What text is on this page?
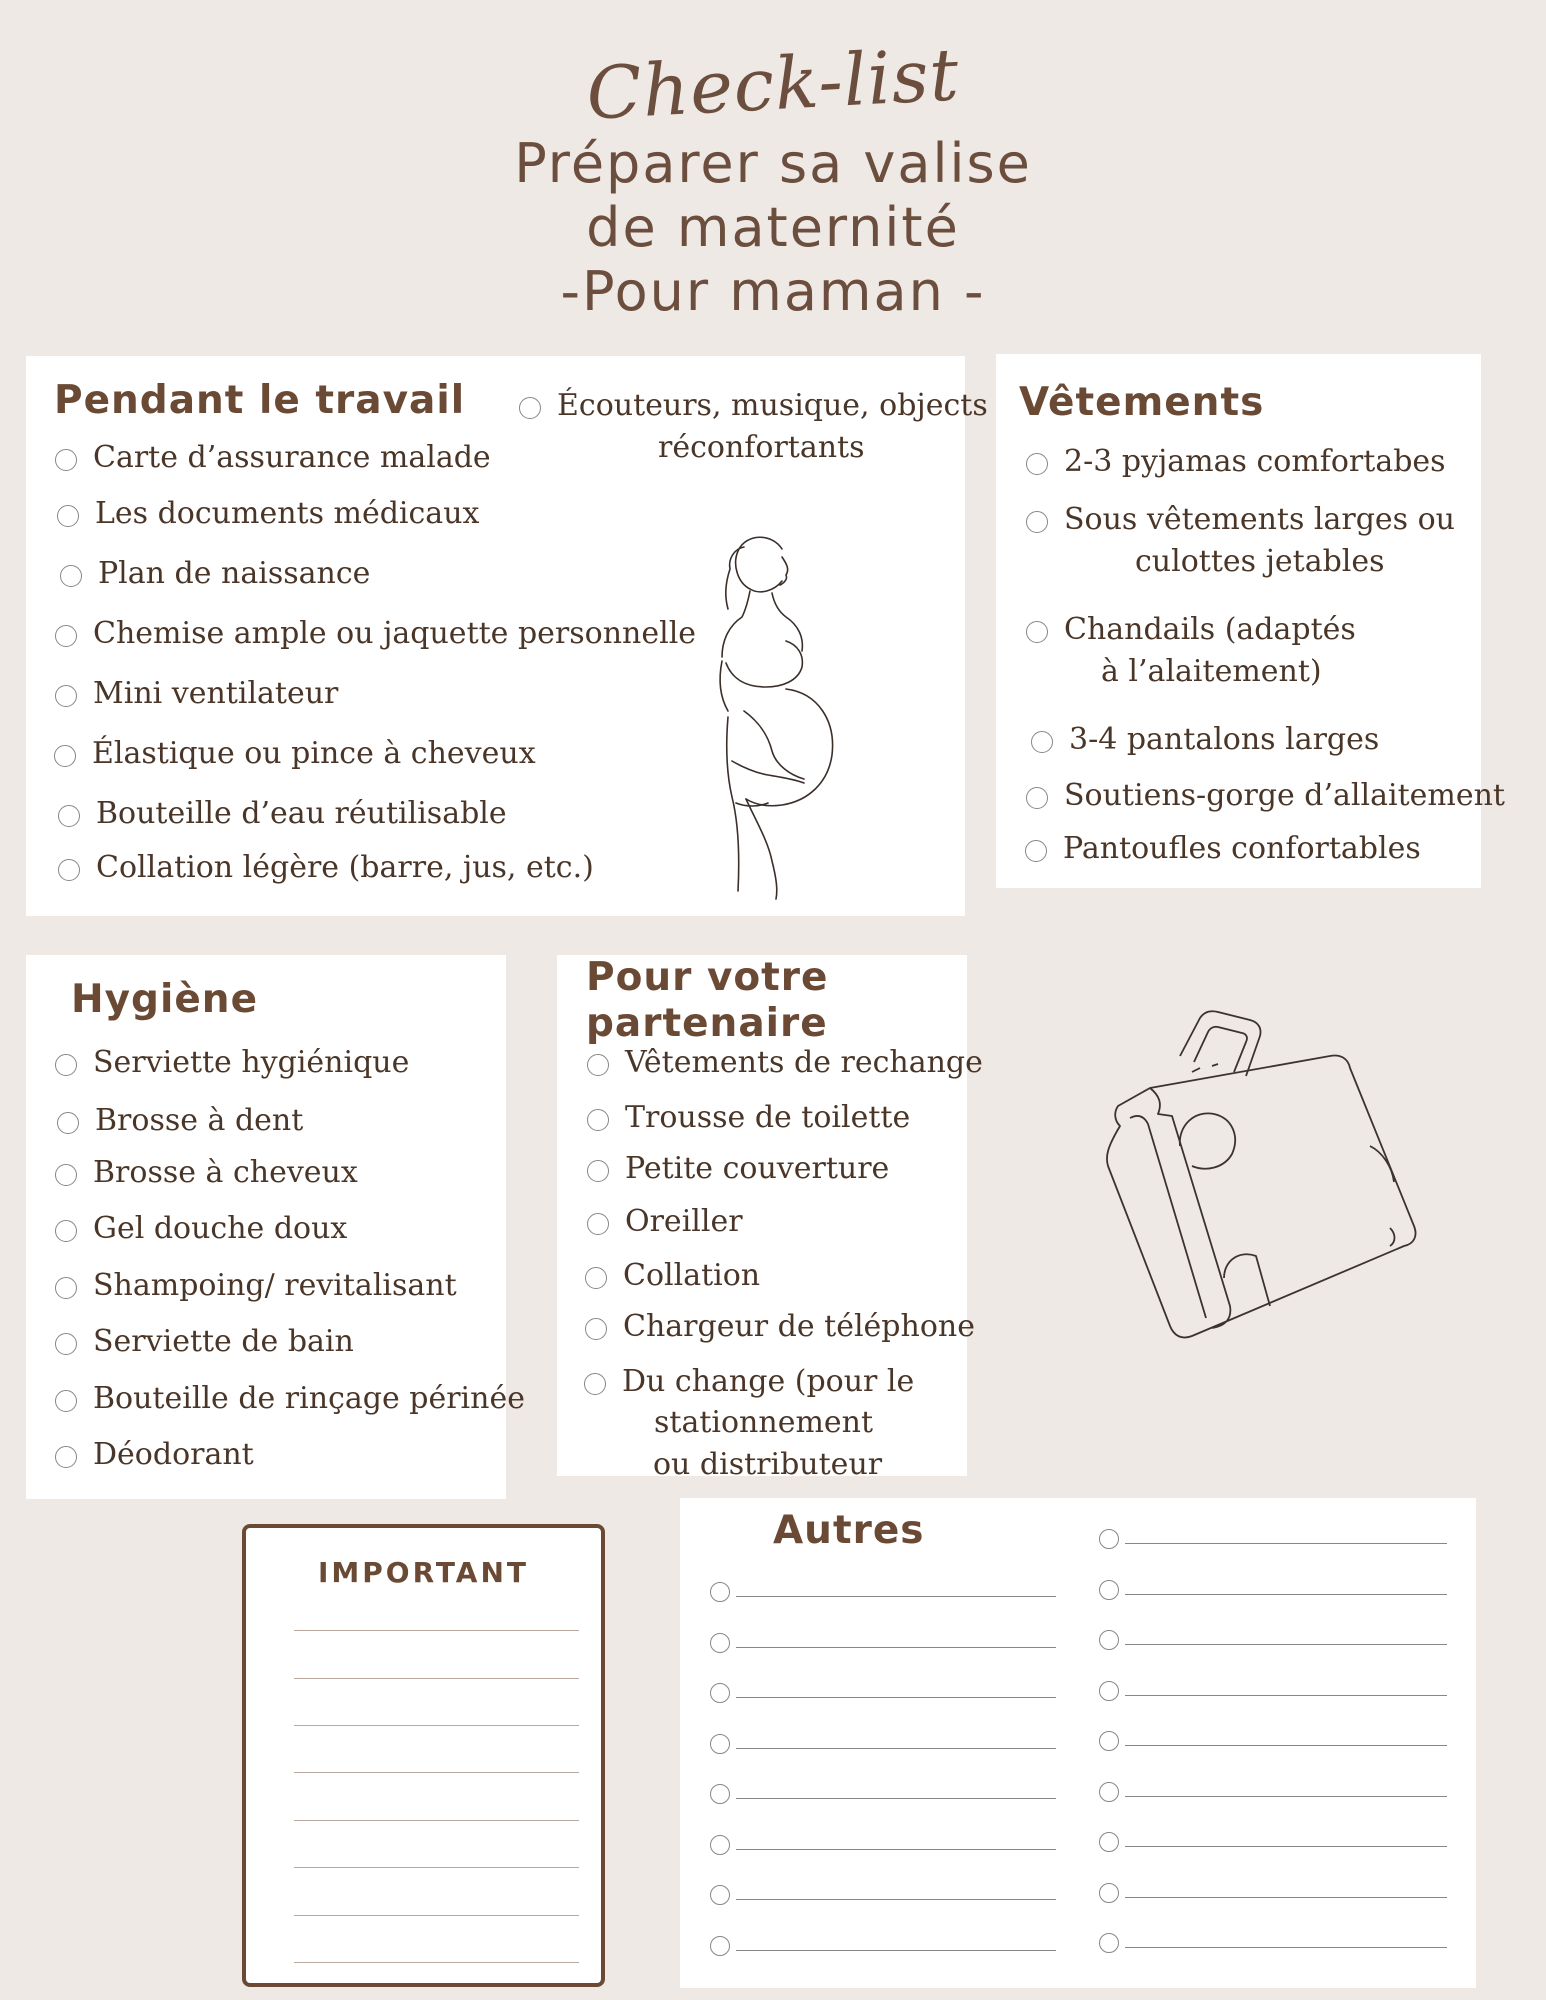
Check-list
Préparer sa valise
de maternité
-Pour maman -
Pendant le travail
Carte d’assurance malade
Les documents médicaux
Plan de naissance
Chemise ample ou jaquette personnelle
Mini ventilateur
Élastique ou pince à cheveux
Bouteille d’eau réutilisable
Collation légère (barre, jus, etc.)
Écouteurs, musique, objects
réconfortants
Vêtements
2-3 pyjamas comfortabes
Sous vêtements larges ou
culottes jetables
Chandails (adaptés
à l’alaitement)
3-4 pantalons larges
Soutiens-gorge d’allaitement
Pantoufles confortables
Hygiène
Serviette hygiénique
Brosse à dent
Brosse à cheveux
Gel douche doux
Shampoing/ revitalisant
Serviette de bain
Bouteille de rinçage périnée
Déodorant
Pour votre
partenaire
Vêtements de rechange
Trousse de toilette
Petite couverture
Oreiller
Collation
Chargeur de téléphone
Du change (pour le
stationnement
ou distributeur
IMPORTANT
Autres
